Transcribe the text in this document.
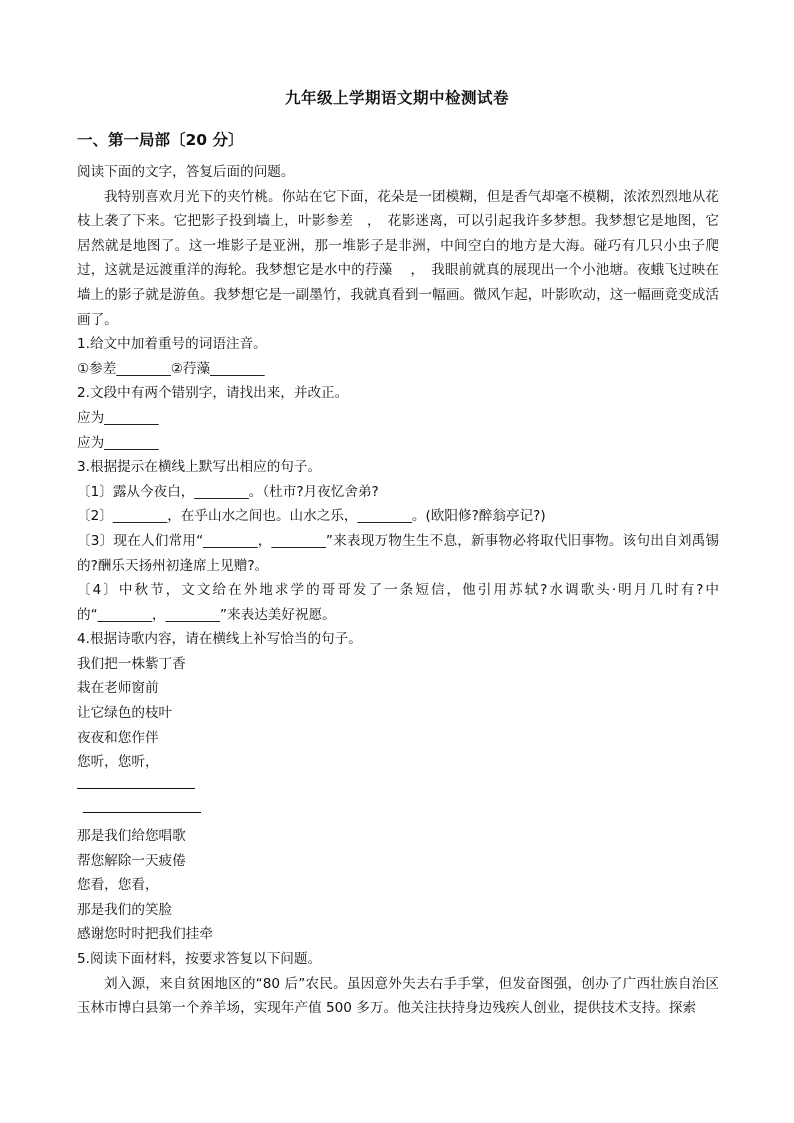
九年级上学期语文期中检测试卷
一、第一局部〔20 分〕

阅读下面的文字，答复后面的问题。

我特别喜欢月光下的夹竹桃。你站在它下面，花朵是一团模糊，但是香气却毫不模糊，浓浓烈烈地从花枝上袭了下来。它把影子投到墙上，叶影参差　，　花影迷离，可以引起我许多梦想。我梦想它是地图，它居然就是地图了。这一堆影子是亚洲，那一堆影子是非洲，中间空白的地方是大海。碰巧有几只小虫子爬过，这就是远渡重洋的海轮。我梦想它是水中的荇藻　 ，　我眼前就真的展现出一个小池塘。夜蛾飞过映在墙上的影子就是游鱼。我梦想它是一副墨竹，我就真看到一幅画。微风乍起，叶影吹动，这一幅画竟变成活画了。

1.给文中加着重号的词语注音。

①参差________②荇藻________

2.文段中有两个错别字，请找出来，并改正。

应为________

应为________

3.根据提示在横线上默写出相应的句子。

〔1〕露从今夜白，________。（杜市?月夜忆舍弟?

〔2〕________，在乎山水之间也。山水之乐，________。(欧阳修?醉翁亭记?)

〔3〕现在人们常用“________，________”来表现万物生生不息，新事物必将取代旧事物。该句出自刘禹锡的?酬乐天扬州初逢席上见赠?。

〔4〕中秋节，文文给在外地求学的哥哥发了一条短信，他引用苏轼?水调歌头·明月几时有?中的“________，________”来表达美好祝愿。

4.根据诗歌内容，请在横线上补写恰当的句子。

我们把一株紫丁香

栽在老师窗前

让它绿色的枝叶

夜夜和您作伴

您听，您听，

那是我们给您唱歌

帮您解除一天疲倦

您看，您看，

那是我们的笑脸

感谢您时时把我们挂牵

5.阅读下面材料，按要求答复以下问题。

刘入源，来自贫困地区的“80 后”农民。虽因意外失去右手手掌，但发奋图强，创办了广西壮族自治区玉林市博白县第一个养羊场，实现年产值 500 多万。他关注扶持身边残疾人创业，提供技术支持。探索
